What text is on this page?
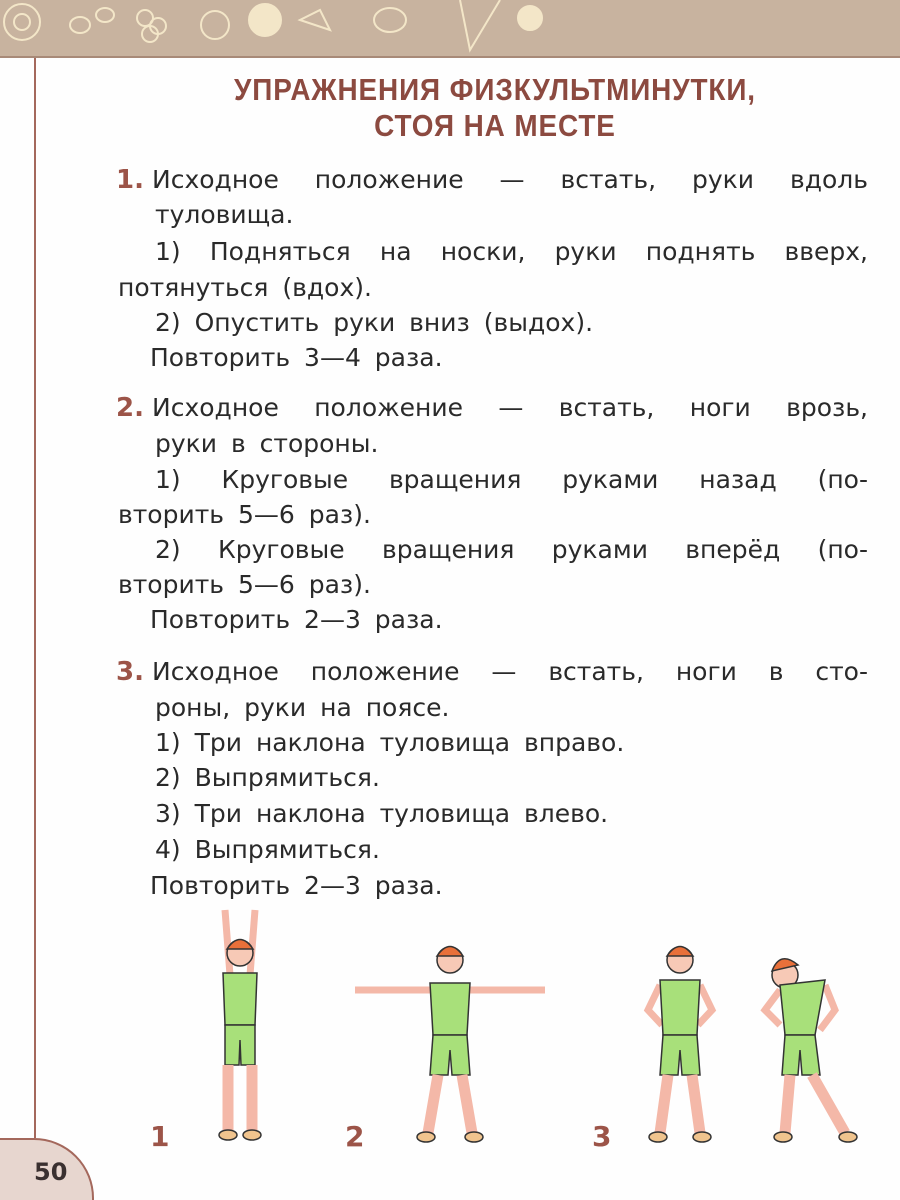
50
УПРАЖНЕНИЯ ФИЗКУЛЬТМИНУТКИ,
СТОЯ НА МЕСТЕ
1. Исходное положение — встать, руки вдоль
туловища.
1) Подняться на носки, руки поднять вверх,
потянуться (вдох).
2) Опустить руки вниз (выдох).
Повторить 3—4 раза.
2. Исходное положение — встать, ноги врозь,
руки в стороны.
1) Круговые вращения руками назад (по-
вторить 5—6 раз).
2) Круговые вращения руками вперёд (по-
вторить 5—6 раз).
Повторить 2—3 раза.
3. Исходное положение — встать, ноги в сто-
роны, руки на поясе.
1) Три наклона туловища вправо.
2) Выпрямиться.
3) Три наклона туловища влево.
4) Выпрямиться.
Повторить 2—3 раза.
1	2	3
